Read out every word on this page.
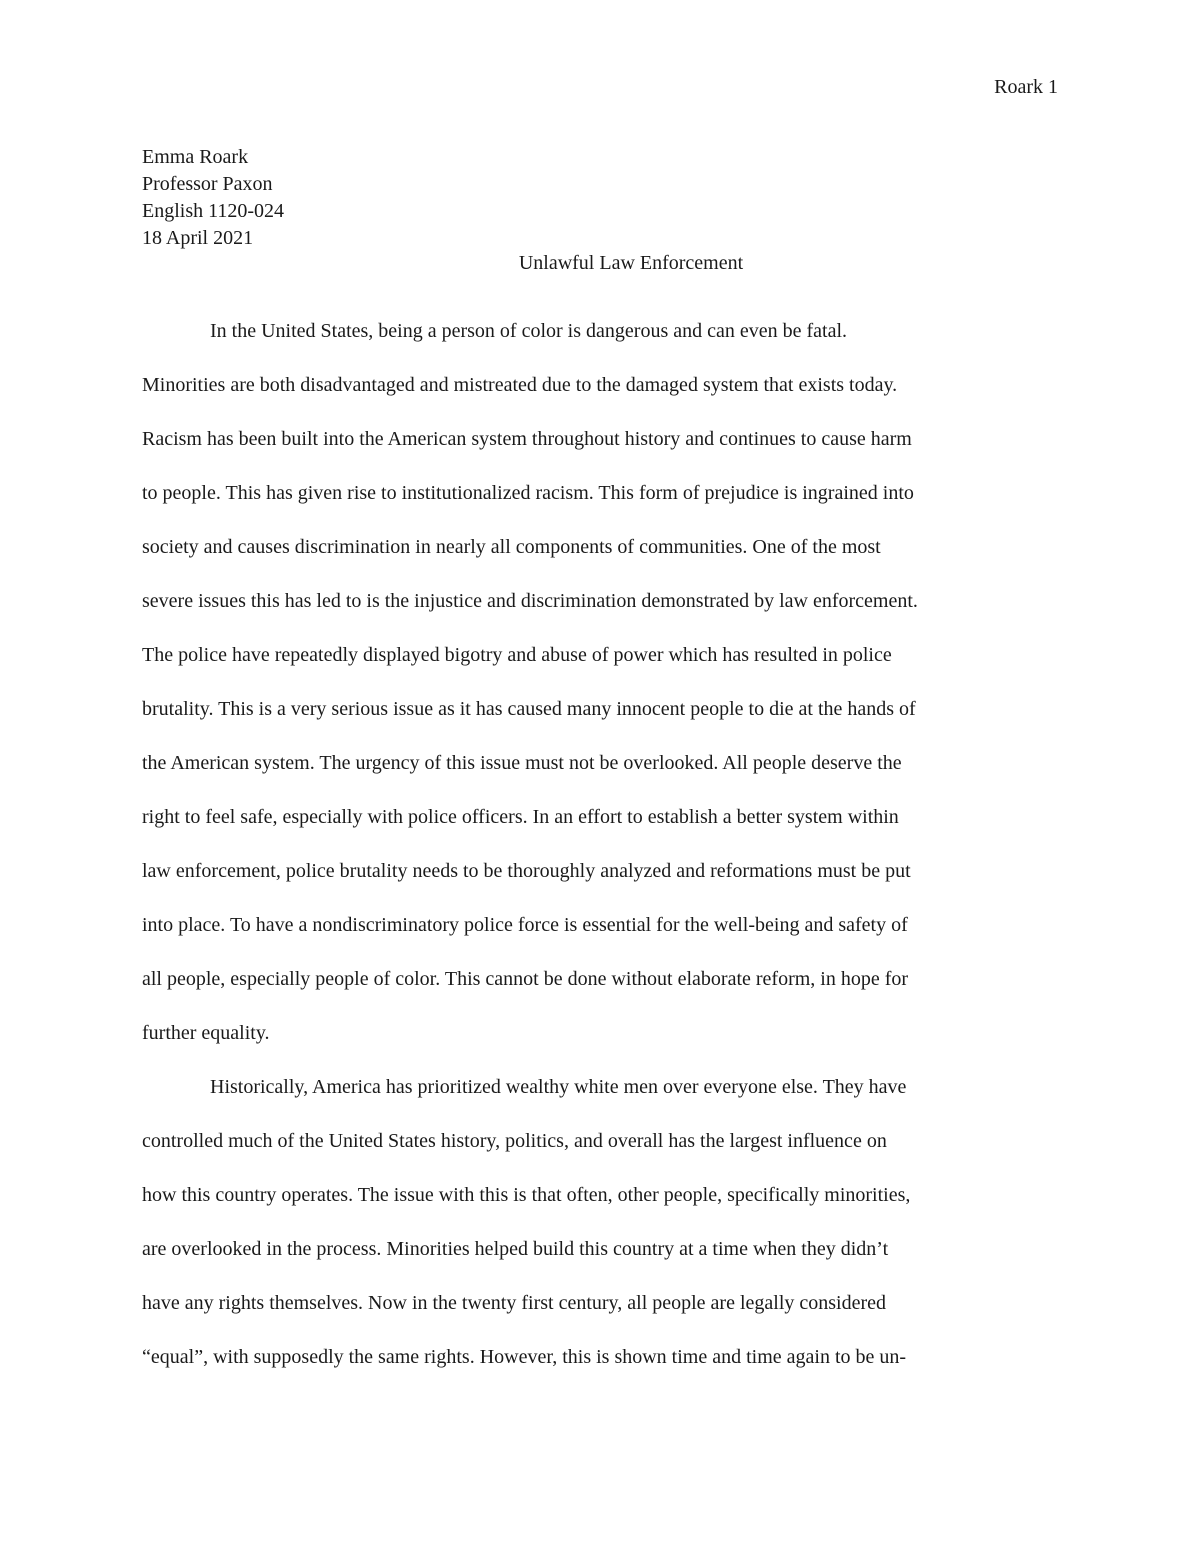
Roark 1
Emma Roark
Professor Paxon
English 1120-024
18 April 2021
Unlawful Law Enforcement
In the United States, being a person of color is dangerous and can even be fatal.
Minorities are both disadvantaged and mistreated due to the damaged system that exists today.
Racism has been built into the American system throughout history and continues to cause harm
to people. This has given rise to institutionalized racism. This form of prejudice is ingrained into
society and causes discrimination in nearly all components of communities. One of the most
severe issues this has led to is the injustice and discrimination demonstrated by law enforcement.
The police have repeatedly displayed bigotry and abuse of power which has resulted in police
brutality. This is a very serious issue as it has caused many innocent people to die at the hands of
the American system. The urgency of this issue must not be overlooked. All people deserve the
right to feel safe, especially with police officers. In an effort to establish a better system within
law enforcement, police brutality needs to be thoroughly analyzed and reformations must be put
into place. To have a nondiscriminatory police force is essential for the well-being and safety of
all people, especially people of color. This cannot be done without elaborate reform, in hope for
further equality.
Historically, America has prioritized wealthy white men over everyone else. They have
controlled much of the United States history, politics, and overall has the largest influence on
how this country operates. The issue with this is that often, other people, specifically minorities,
are overlooked in the process. Minorities helped build this country at a time when they didn’t
have any rights themselves. Now in the twenty first century, all people are legally considered
“equal”, with supposedly the same rights. However, this is shown time and time again to be un-
